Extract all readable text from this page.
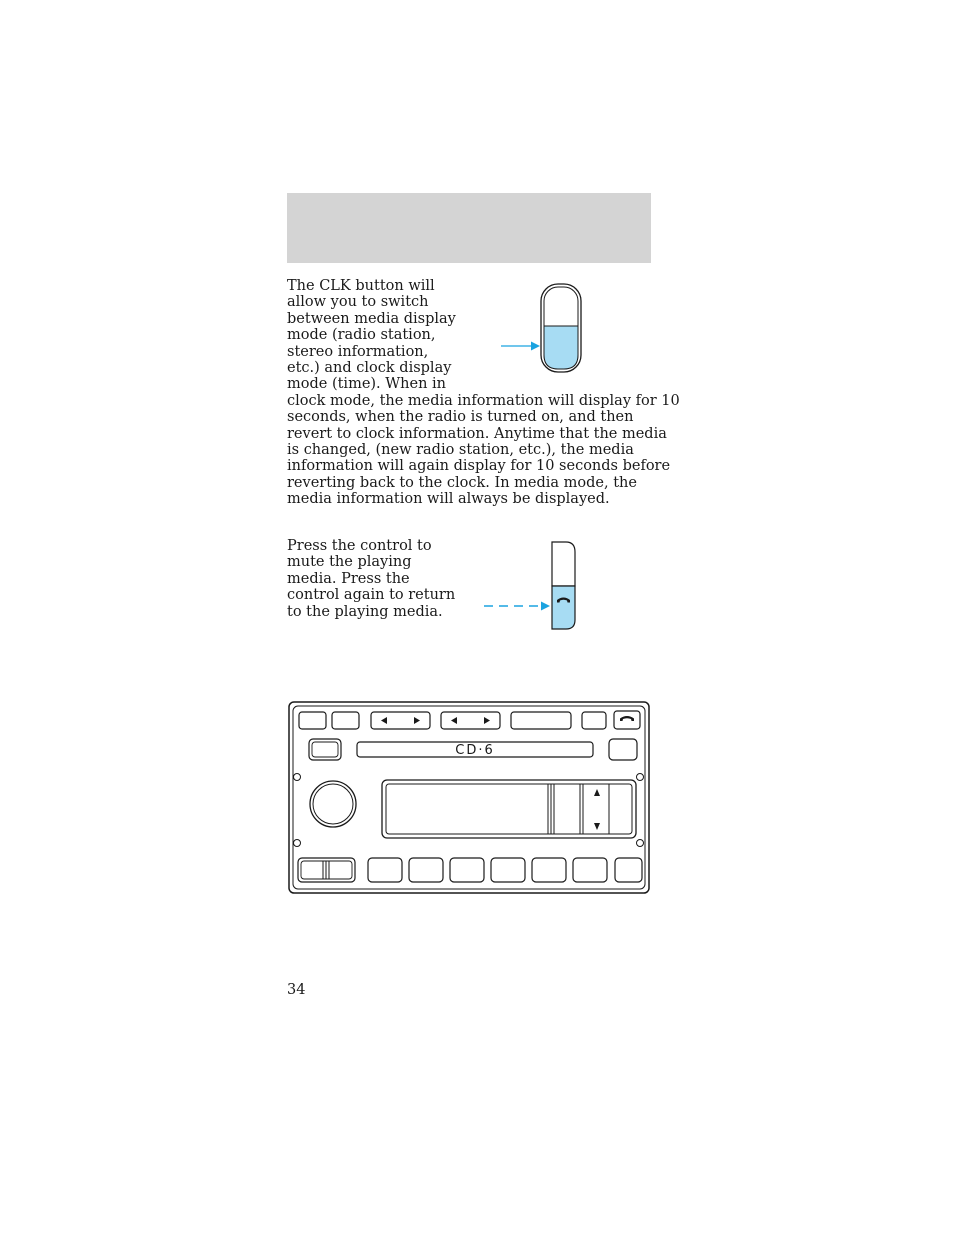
The CLK button will
allow you to switch
between media display
mode (radio station,
stereo information,
etc.) and clock display
mode (time). When in
clock mode, the media information will display for 10
seconds, when the radio is turned on, and then
revert to clock information. Anytime that the media
is changed, (new radio station, etc.), the media
information will again display for 10 seconds before
reverting back to the clock. In media mode, the
media information will always be displayed.
Press the control to
mute the playing
media. Press the
control again to return
to the playing media.
CD·6
34
